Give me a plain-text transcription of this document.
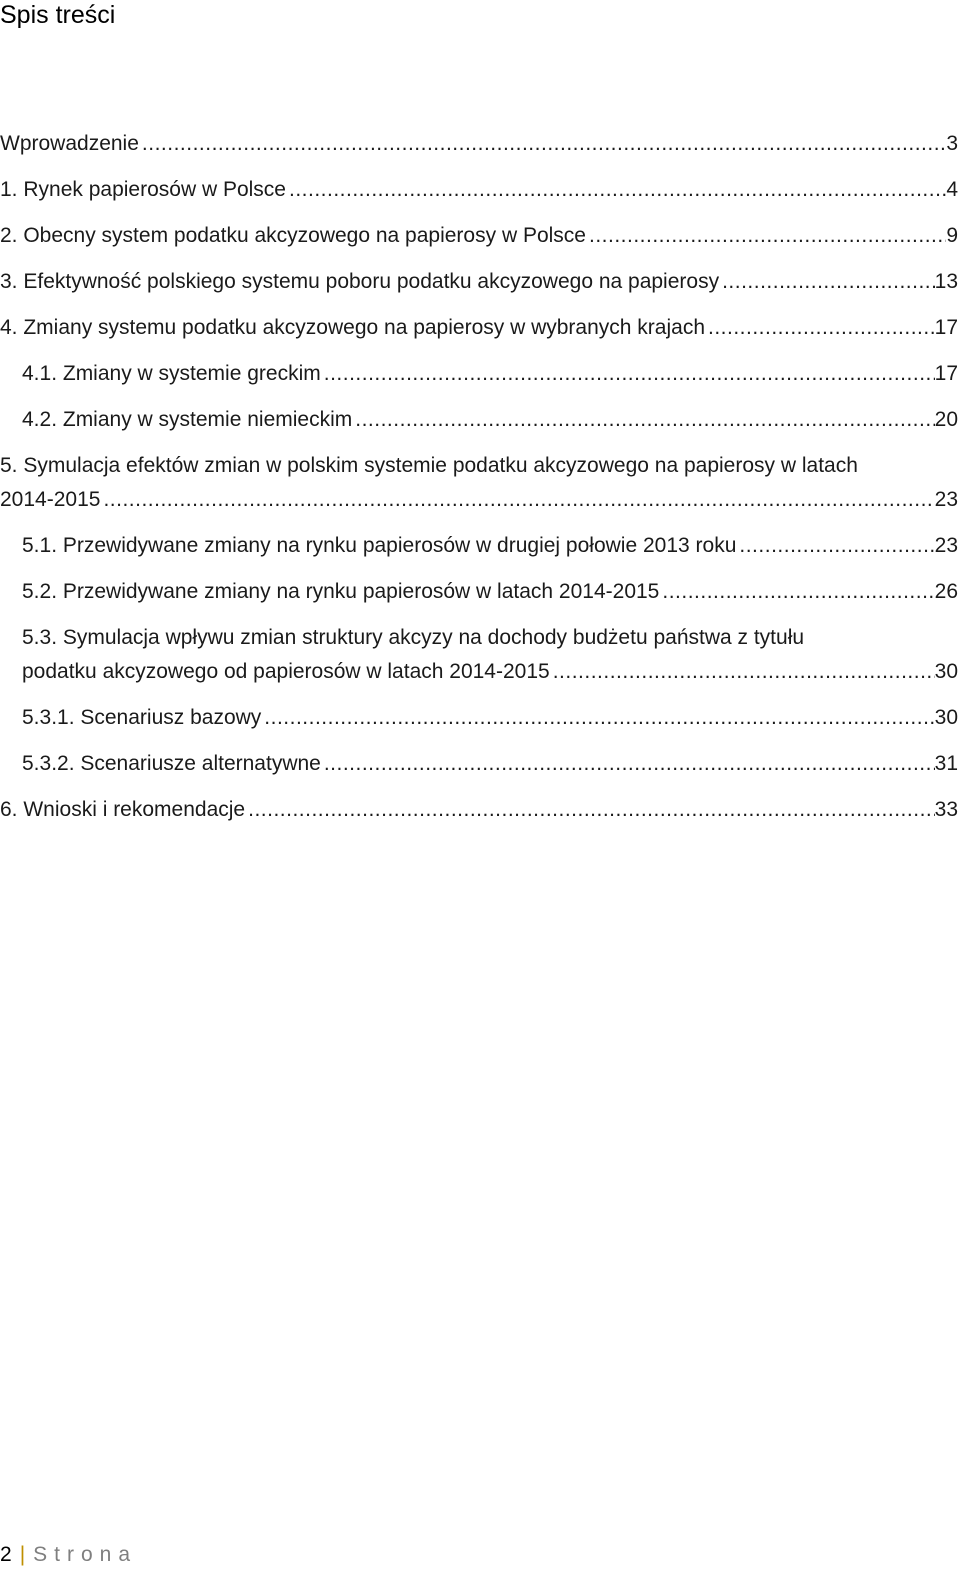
Spis treści
Wprowadzenie .....	3
1. Rynek papierosów w Polsce .....	4
2. Obecny system podatku akcyzowego na papierosy w Polsce .....	9
3. Efektywność polskiego systemu poboru podatku akcyzowego na papierosy .....	13
4. Zmiany systemu podatku akcyzowego na papierosy w wybranych krajach .....	17
4.1. Zmiany w systemie greckim .....	17
4.2. Zmiany w systemie niemieckim .....	20
5. Symulacja efektów zmian w polskim systemie podatku akcyzowego na papierosy w latach
2014-2015 .....	23
5.1. Przewidywane zmiany na rynku papierosów w drugiej połowie 2013 roku .....	23
5.2. Przewidywane zmiany na rynku papierosów w latach 2014-2015 .....	26
5.3. Symulacja wpływu zmian struktury akcyzy na dochody budżetu państwa z tytułu
podatku akcyzowego od papierosów w latach 2014-2015 .....	30
5.3.1. Scenariusz bazowy .....	30
5.3.2. Scenariusze alternatywne .....	31
6. Wnioski i rekomendacje .....	33
2 | Strona
